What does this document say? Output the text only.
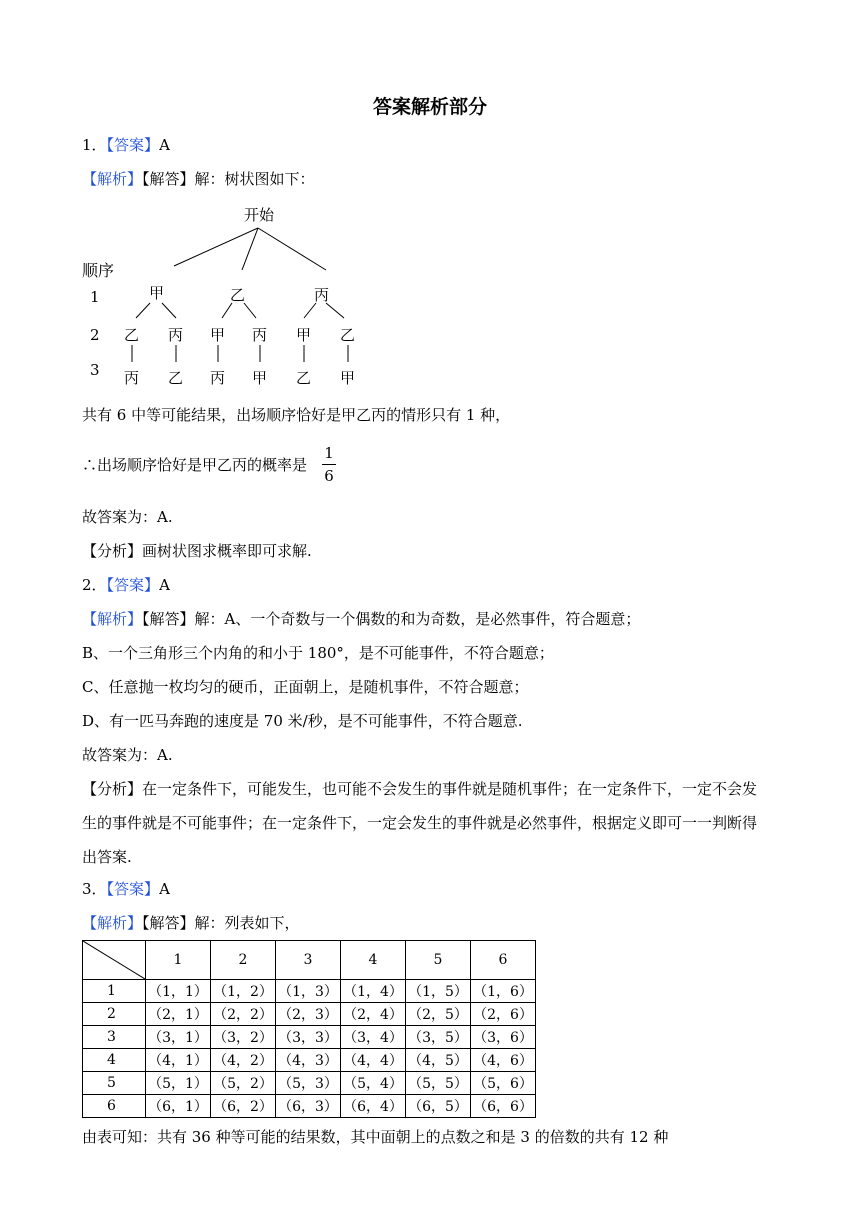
答案解析部分
1．【答案】A
【解析】【解答】解：树状图如下：
开始
顺序
1
2
3
甲	乙	丙
乙 丙 甲 丙 甲 乙
丙 乙 丙 甲 乙 甲
共有 6 中等可能结果，出场顺序恰好是甲乙丙的情形只有 1 种，
∴出场顺序恰好是甲乙丙的概率是
1
6
故答案为：A.
【分析】画树状图求概率即可求解.
2．【答案】A
【解析】【解答】解：A、一个奇数与一个偶数的和为奇数，是必然事件，符合题意；
B、一个三角形三个内角的和小于 180°，是不可能事件，不符合题意；
C、任意抛一枚均匀的硬币，正面朝上，是随机事件，不符合题意；
D、有一匹马奔跑的速度是 70 米/秒，是不可能事件，不符合题意.
故答案为：A.
【分析】在一定条件下，可能发生，也可能不会发生的事件就是随机事件；在一定条件下，一定不会发
生的事件就是不可能事件；在一定条件下，一定会发生的事件就是必然事件，根据定义即可一一判断得
出答案.
3．【答案】A
【解析】【解答】解：列表如下，
	1	2	3	4	5	6
1	（1，1）	（1，2）	（1，3）	（1，4）	（1，5）	（1，6）
2	（2，1）	（2，2）	（2，3）	（2，4）	（2，5）	（2，6）
3	（3，1）	（3，2）	（3，3）	（3，4）	（3，5）	（3，6）
4	（4，1）	（4，2）	（4，3）	（4，4）	（4，5）	（4，6）
5	（5，1）	（5，2）	（5，3）	（5，4）	（5，5）	（5，6）
6	（6，1）	（6，2）	（6，3）	（6，4）	（6，5）	（6，6）
由表可知：共有 36 种等可能的结果数，其中面朝上的点数之和是 3 的倍数的共有 12 种
